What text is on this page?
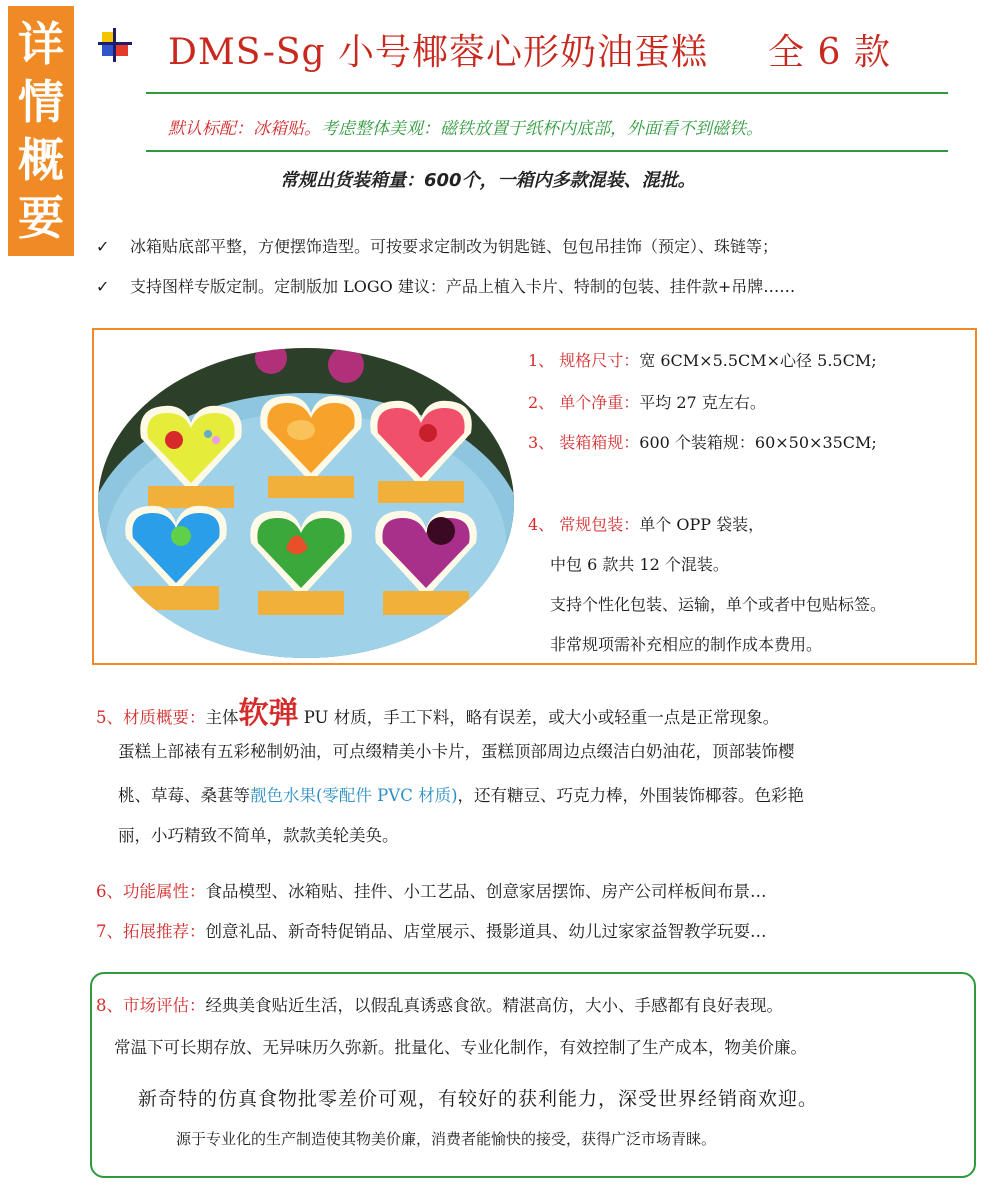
详
情
概
要
DMS-Sg 小号椰蓉心形奶油蛋糕 全 6 款
默认标配：冰箱贴。考虑整体美观：磁铁放置于纸杯内底部，外面看不到磁铁。
常规出货装箱量：600个，一箱内多款混装、混批。
✓ 冰箱贴底部平整，方便摆饰造型。可按要求定制改为钥匙链、包包吊挂饰（预定）、珠链等；
✓ 支持图样专版定制。定制版加 LOGO 建议：产品上植入卡片、特制的包装、挂件款+吊牌……
1、 规格尺寸：宽 6CM×5.5CM×心径 5.5CM;
2、 单个净重：平均 27 克左右。
3、 装箱箱规：600 个装箱规：60×50×35CM;
4、 常规包装：单个 OPP 袋装，
中包 6 款共 12 个混装。
支持个性化包装、运输，单个或者中包贴标签。
非常规项需补充相应的制作成本费用。
5、材质概要：主体软弹 PU 材质，手工下料，略有误差，或大小或轻重一点是正常现象。
蛋糕上部裱有五彩秘制奶油，可点缀精美小卡片，蛋糕顶部周边点缀洁白奶油花，顶部装饰樱
桃、草莓、桑葚等靓色水果(零配件 PVC 材质)，还有糖豆、巧克力棒，外围装饰椰蓉。色彩艳
丽，小巧精致不简单，款款美轮美奂。
6、功能属性：食品模型、冰箱贴、挂件、小工艺品、创意家居摆饰、房产公司样板间布景…
7、拓展推荐：创意礼品、新奇特促销品、店堂展示、摄影道具、幼儿过家家益智教学玩耍…
8、市场评估：经典美食贴近生活，以假乱真诱惑食欲。精湛高仿，大小、手感都有良好表现。
常温下可长期存放、无异味历久弥新。批量化、专业化制作，有效控制了生产成本，物美价廉。
新奇特的仿真食物批零差价可观，有较好的获利能力，深受世界经销商欢迎。
源于专业化的生产制造使其物美价廉，消费者能愉快的接受，获得广泛市场青睐。
